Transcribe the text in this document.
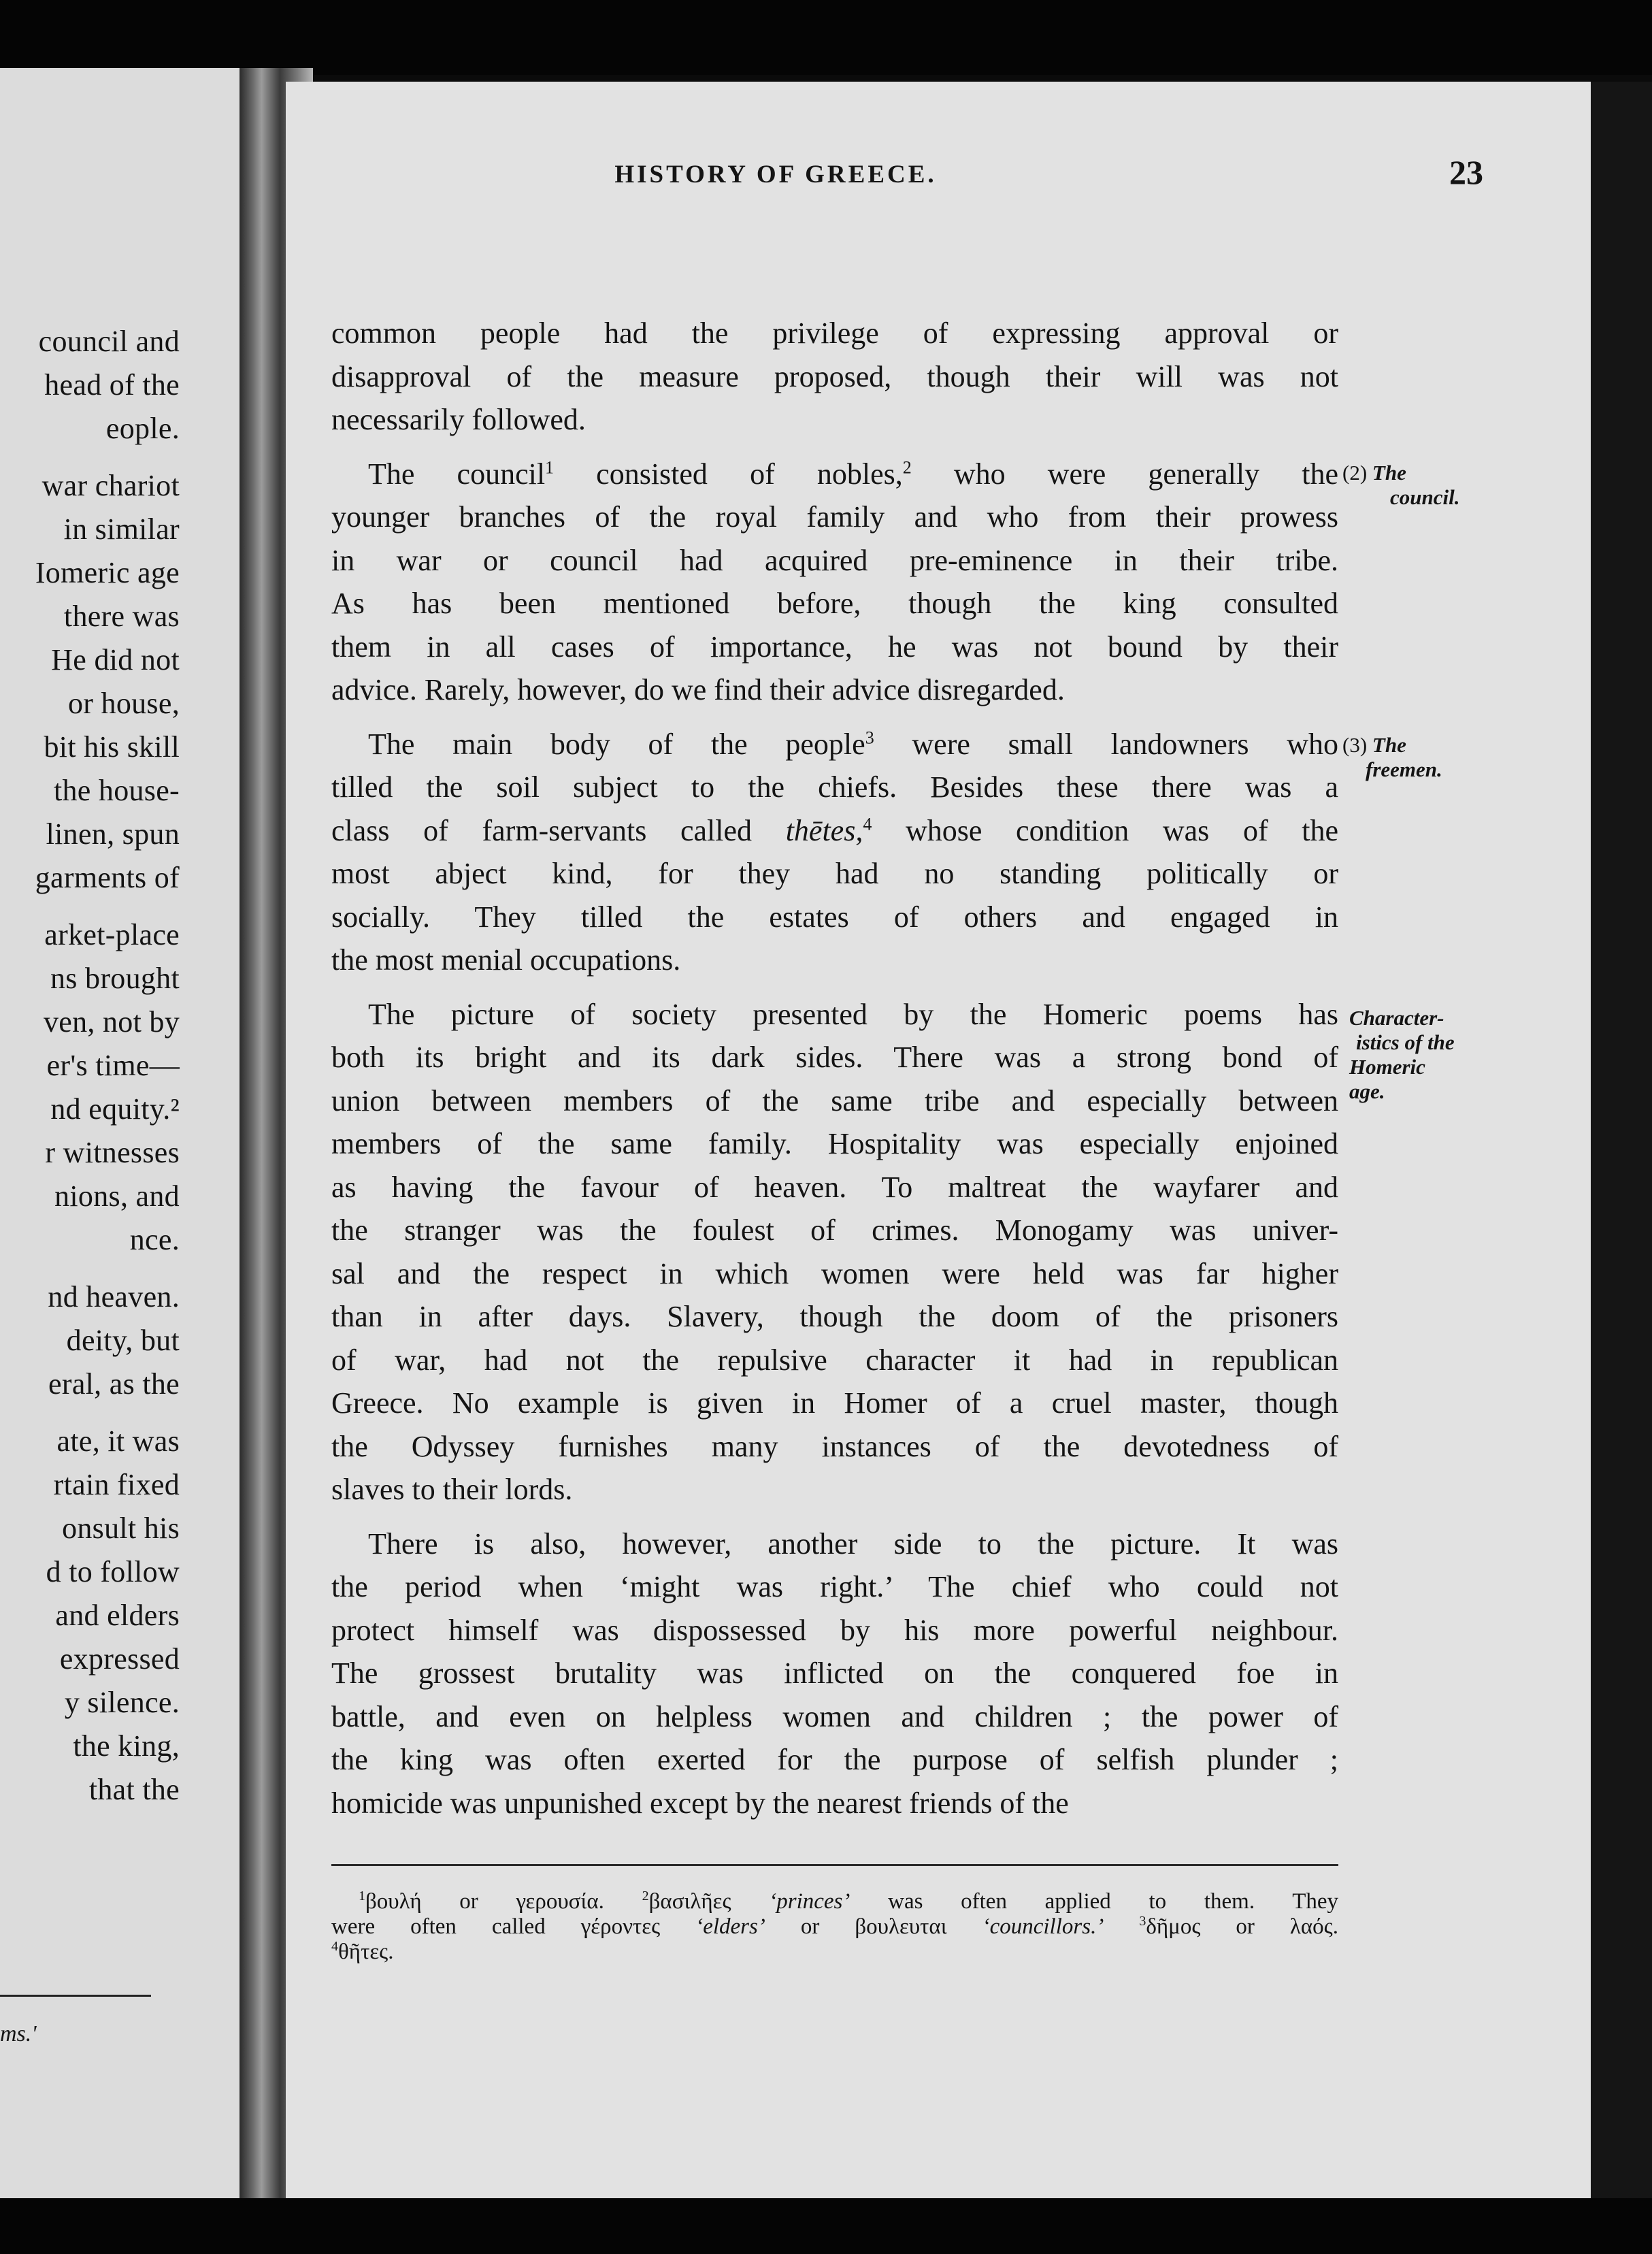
council and
head of the
eople.
war chariot
in similar
Iomeric age
there was
He did not
or house,
bit his skill
the house-
linen, spun
garments of
arket-place
ns brought
ven, not by
er's time—
nd equity.²
r witnesses
nions, and
nce.
nd heaven.
deity, but
eral, as the
ate, it was
rtain fixed
onsult his
d to follow
and elders
expressed
y silence.
the king,
that the
ms.'
HISTORY OF GREECE.	23
common people had the privilege of expressing approval or
disapproval of the measure proposed, though their will was not
necessarily followed.
The council$^1$ consisted of nobles,$^2$ who were generally the
younger branches of the royal family and who from their prowess
in war or council had acquired pre-eminence in their tribe.
As has been mentioned before, though the king consulted
them in all cases of importance, he was not bound by their
advice. Rarely, however, do we find their advice disregarded.
The main body of the people$^3$ were small landowners who
tilled the soil subject to the chiefs. Besides these there was a
class of farm-servants called thētes,$^4$ whose condition was of the
most abject kind, for they had no standing politically or
socially. They tilled the estates of others and engaged in
the most menial occupations.
The picture of society presented by the Homeric poems has
both its bright and its dark sides. There was a strong bond of
union between members of the same tribe and especially between
members of the same family. Hospitality was especially enjoined
as having the favour of heaven. To maltreat the wayfarer and
the stranger was the foulest of crimes. Monogamy was univer-
sal and the respect in which women were held was far higher
than in after days. Slavery, though the doom of the prisoners
of war, had not the repulsive character it had in republican
Greece. No example is given in Homer of a cruel master, though
the Odyssey furnishes many instances of the devotedness of
slaves to their lords.
There is also, however, another side to the picture. It was
the period when ‘might was right.’ The chief who could not
protect himself was dispossessed by his more powerful neighbour.
The grossest brutality was inflicted on the conquered foe in
battle, and even on helpless women and children ; the power of
the king was often exerted for the purpose of selfish plunder ;
homicide was unpunished except by the nearest friends of the
(2) The
council.
(3) The
freemen.
Character-
istics of the
Homeric
age.
$^1$βουλή or γερουσία.	$^2$βασιλῆες ‘princes’ was often applied to them. They
were often called γέροντες ‘elders’ or βουλευται ‘councillors.’	$^3$δῆμος or λαός.
$^4$θῆτες.
